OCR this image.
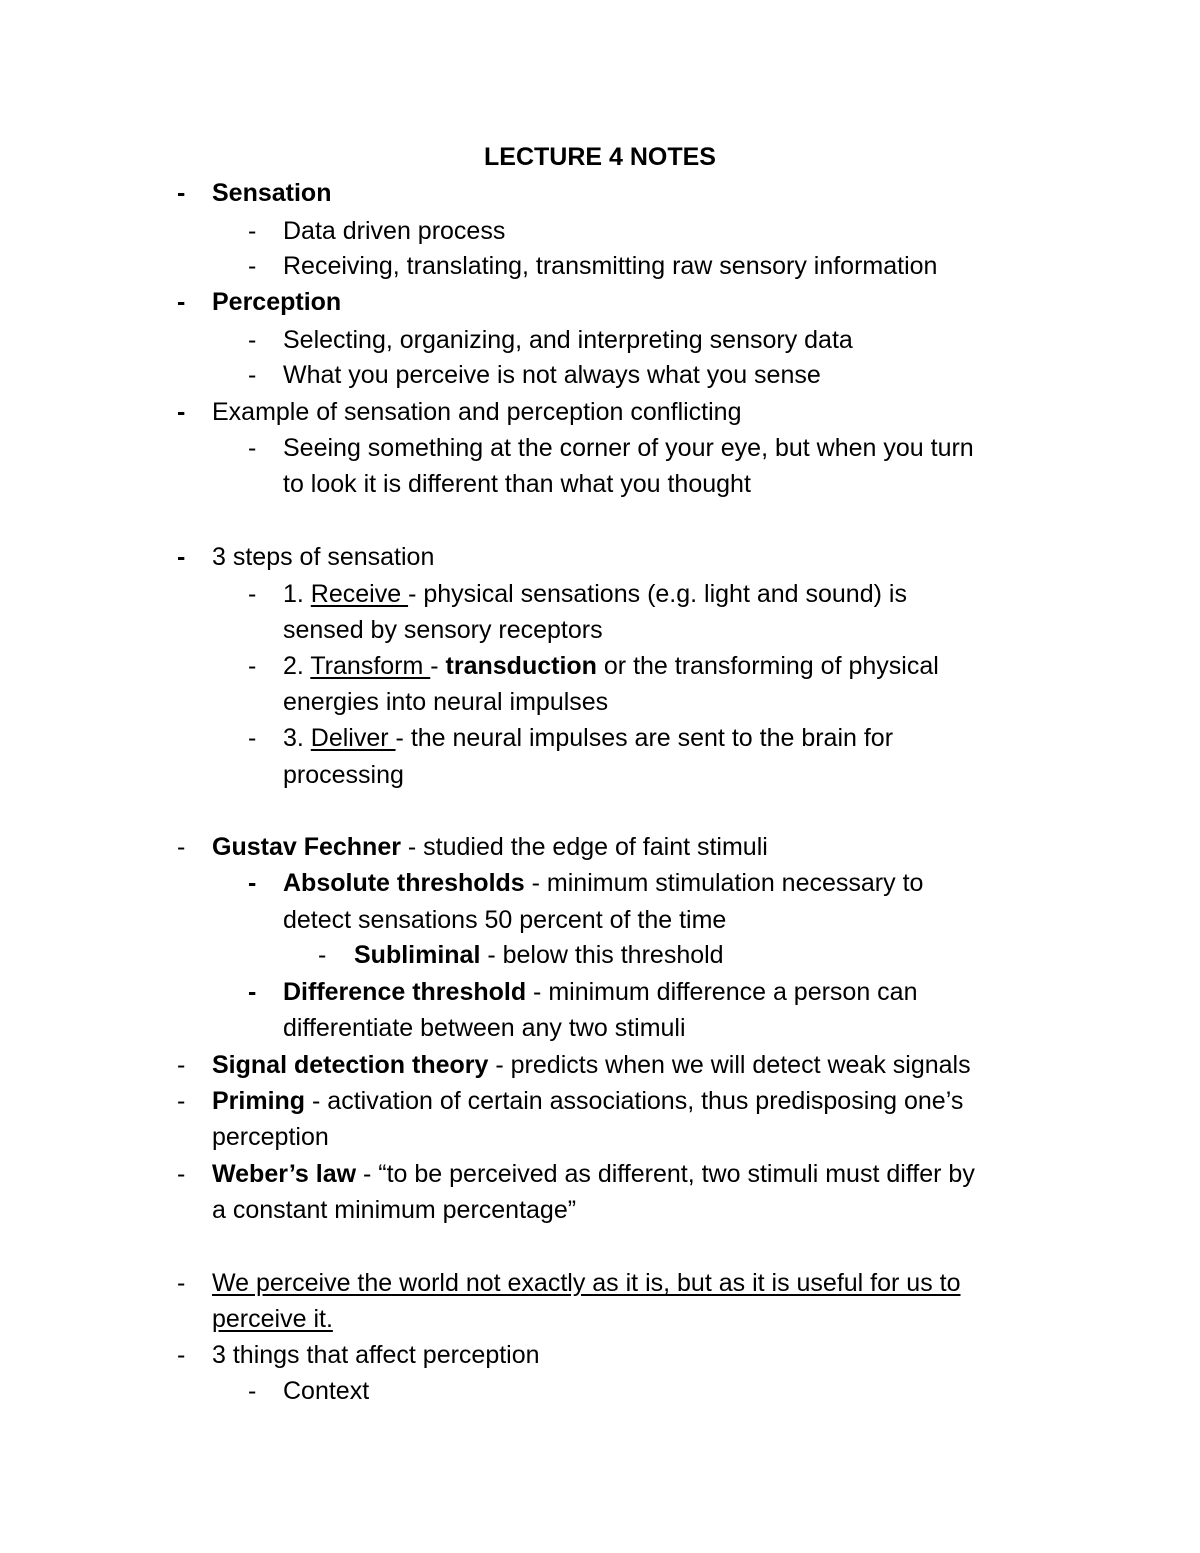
LECTURE 4 NOTES
- Sensation
- Data driven process
- Receiving, translating, transmitting raw sensory information
- Perception
- Selecting, organizing, and interpreting sensory data
- What you perceive is not always what you sense
- Example of sensation and perception conflicting
- Seeing something at the corner of your eye, but when you turn
to look it is different than what you thought
- 3 steps of sensation
- 1. Receive - physical sensations (e.g. light and sound) is
sensed by sensory receptors
- 2. Transform - transduction or the transforming of physical
energies into neural impulses
- 3. Deliver - the neural impulses are sent to the brain for
processing
- Gustav Fechner - studied the edge of faint stimuli
- Absolute thresholds - minimum stimulation necessary to
detect sensations 50 percent of the time
- Subliminal - below this threshold
- Difference threshold - minimum difference a person can
differentiate between any two stimuli
- Signal detection theory - predicts when we will detect weak signals
- Priming - activation of certain associations, thus predisposing one’s
perception
- Weber’s law - “to be perceived as different, two stimuli must differ by
a constant minimum percentage”
- We perceive the world not exactly as it is, but as it is useful for us to
perceive it.
- 3 things that affect perception
- Context
